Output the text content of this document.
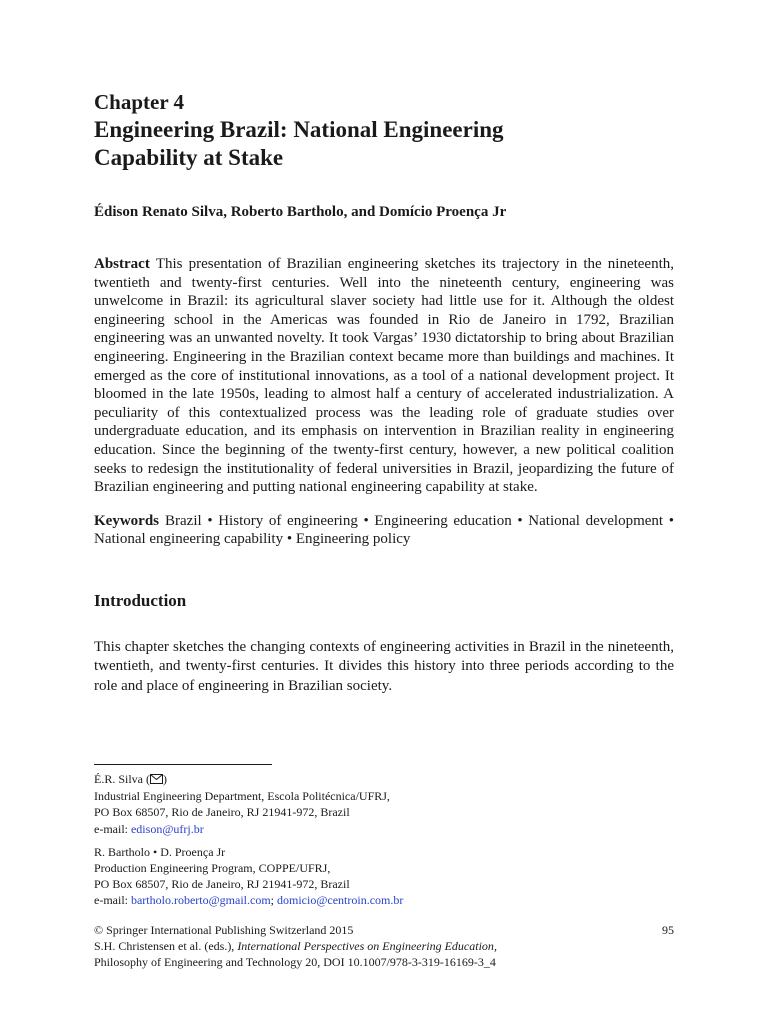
Chapter 4
Engineering Brazil: National Engineering
Capability at Stake
Édison Renato Silva, Roberto Bartholo, and Domício Proença Jr

Abstract This presentation of Brazilian engineering sketches its trajectory in the nineteenth, twentieth and twenty-first centuries. Well into the nineteenth century, engineering was unwelcome in Brazil: its agricultural slaver society had little use for it. Although the oldest engineering school in the Americas was founded in Rio de Janeiro in 1792, Brazilian engineering was an unwanted novelty. It took Vargas’ 1930 dictatorship to bring about Brazilian engineering. Engineering in the Brazilian context became more than buildings and machines. It emerged as the core of institutional innovations, as a tool of a national development project. It bloomed in the late 1950s, leading to almost half a century of accelerated industrialization. A peculiarity of this contextualized process was the leading role of graduate studies over undergraduate education, and its emphasis on intervention in Brazilian reality in engineering education. Since the beginning of the twenty-first century, however, a new political coalition seeks to redesign the institutionality of federal universities in Brazil, jeopardizing the future of Brazilian engineering and putting national engineering capability at stake.

Keywords Brazil • History of engineering • Engineering education • National development • National engineering capability • Engineering policy

Introduction

This chapter sketches the changing contexts of engineering activities in Brazil in the nineteenth, twentieth, and twenty-first centuries. It divides this history into three periods according to the role and place of engineering in Brazilian society.

É.R. Silva ( )
Industrial Engineering Department, Escola Politécnica/UFRJ,
PO Box 68507, Rio de Janeiro, RJ 21941-972, Brazil
e-mail: edison@ufrj.br
R. Bartholo • D. Proença Jr
Production Engineering Program, COPPE/UFRJ,
PO Box 68507, Rio de Janeiro, RJ 21941-972, Brazil
e-mail: bartholo.roberto@gmail.com; domicio@centroin.com.br
© Springer International Publishing Switzerland 2015	95
S.H. Christensen et al. (eds.), International Perspectives on Engineering Education,
Philosophy of Engineering and Technology 20, DOI 10.1007/978-3-319-16169-3_4
